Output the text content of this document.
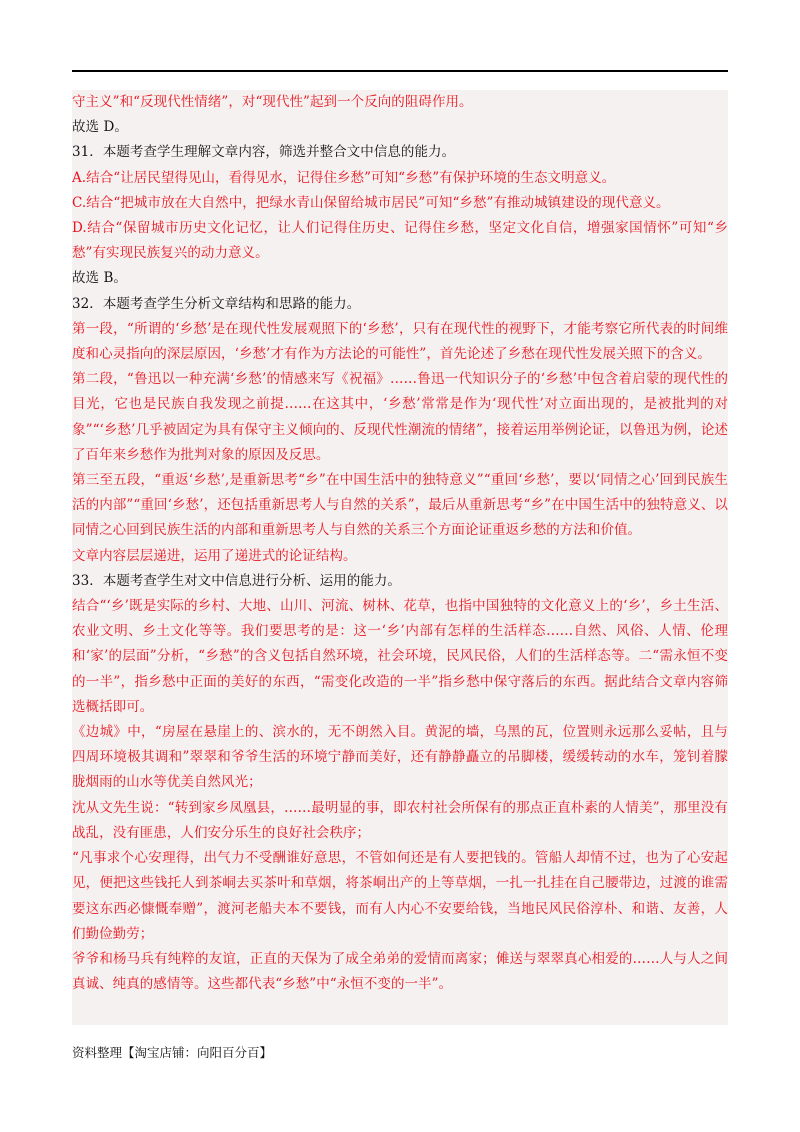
守主义”和“反现代性情绪”，对“现代性”起到一个反向的阻碍作用。

故选 D。

31．本题考查学生理解文章内容，筛选并整合文中信息的能力。

A.结合“让居民望得见山，看得见水，记得住乡愁”可知“乡愁”有保护环境的生态文明意义。

C.结合“把城市放在大自然中，把绿水青山保留给城市居民”可知“乡愁”有推动城镇建设的现代意义。

D.结合“保留城市历史文化记忆，让人们记得住历史、记得住乡愁，坚定文化自信，增强家国情怀”可知“乡愁”有实现民族复兴的动力意义。

故选 B。

32．本题考查学生分析文章结构和思路的能力。

第一段，“所谓的‘乡愁’是在现代性发展观照下的‘乡愁’，只有在现代性的视野下，才能考察它所代表的时间维度和心灵指向的深层原因，‘乡愁’才有作为方法论的可能性”，首先论述了乡愁在现代性发展关照下的含义。

第二段，“鲁迅以一种充满‘乡愁’的情感来写《祝福》……鲁迅一代知识分子的‘乡愁’中包含着启蒙的现代性的目光，它也是民族自我发现之前提……在这其中，‘乡愁’常常是作为‘现代性’对立面出现的，是被批判的对象”“‘乡愁’几乎被固定为具有保守主义倾向的、反现代性潮流的情绪”，接着运用举例论证，以鲁迅为例，论述了百年来乡愁作为批判对象的原因及反思。

第三至五段，“重返‘乡愁’,是重新思考“乡”在中国生活中的独特意义”“重回‘乡愁’，要以‘同情之心’回到民族生活的内部”“重回‘乡愁’，还包括重新思考人与自然的关系”，最后从重新思考“乡”在中国生活中的独特意义、以同情之心回到民族生活的内部和重新思考人与自然的关系三个方面论证重返乡愁的方法和价值。

文章内容层层递进，运用了递进式的论证结构。

33．本题考查学生对文中信息进行分析、运用的能力。

结合“‘乡’既是实际的乡村、大地、山川、河流、树林、花草，也指中国独特的文化意义上的‘乡’，乡土生活、农业文明、乡土文化等等。我们要思考的是：这一‘乡’内部有怎样的生活样态……自然、风俗、人情、伦理和‘家’的层面”分析，“乡愁”的含义包括自然环境，社会环境，民风民俗，人们的生活样态等。二“需永恒不变的一半”，指乡愁中正面的美好的东西，“需变化改造的一半”指乡愁中保守落后的东西。据此结合文章内容筛选概括即可。

《边城》中，“房屋在悬崖上的、滨水的，无不朗然入目。黄泥的墙，乌黑的瓦，位置则永远那么妥帖，且与四周环境极其调和”翠翠和爷爷生活的环境宁静而美好，还有静静矗立的吊脚楼，缓缓转动的水车，笼钊着朦胧烟雨的山水等优美自然风光；

沈从文先生说：“转到家乡凤凰县，……最明显的事，即农村社会所保有的那点正直朴素的人情美”，那里没有战乱，没有匪患，人们安分乐生的良好社会秩序；

“凡事求个心安理得，出气力不受酬谁好意思，不管如何还是有人要把钱的。管船人却情不过，也为了心安起见，便把这些钱托人到茶峒去买茶叶和草烟，将茶峒出产的上等草烟，一扎一扎挂在自己腰带边，过渡的谁需要这东西必慷慨奉赠”，渡河老船夫本不要钱，而有人内心不安要给钱，当地民风民俗淳朴、和谐、友善，人们勤俭勤劳；

爷爷和杨马兵有纯粹的友谊，正直的天保为了成全弟弟的爱情而离家；傩送与翠翠真心相爱的……人与人之间真诚、纯真的感情等。这些都代表“乡愁”中“永恒不变的一半”。

资料整理【淘宝店铺：向阳百分百】
